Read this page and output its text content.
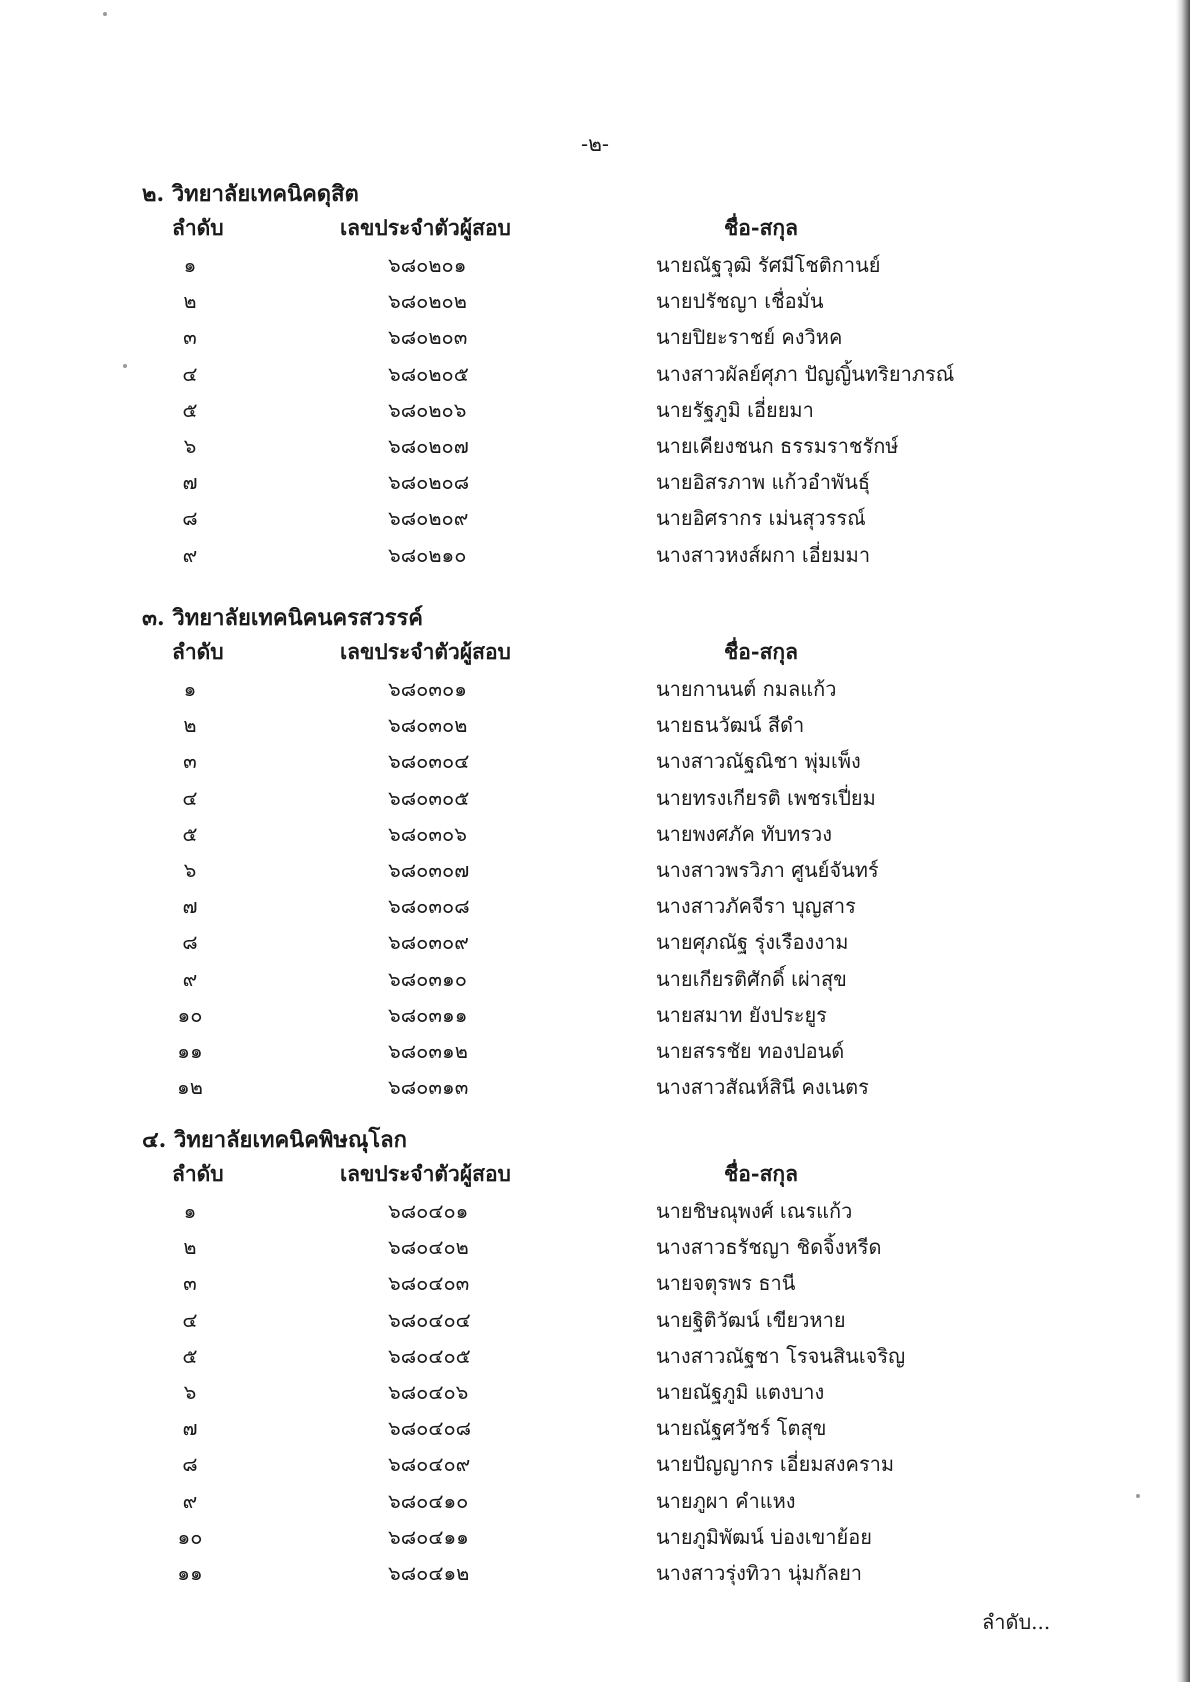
-๒-
๒. วิทยาลัยเทคนิคดุสิต
ลำดับ	เลขประจำตัวผู้สอบ	ชื่อ-สกุล
๑	๖๘๐๒๐๑	นายณัฐวุฒิ รัศมีโชติกานย์
๒	๖๘๐๒๐๒	นายปรัชญา เชื่อมั่น
๓	๖๘๐๒๐๓	นายปิยะราชย์ คงวิหค
๔	๖๘๐๒๐๕	นางสาวผัลย์ศุภา ปัญญิ้นทริยาภรณ์
๕	๖๘๐๒๐๖	นายรัฐภูมิ เอี่ยยมา
๖	๖๘๐๒๐๗	นายเคียงชนก ธรรมราชรักษ์
๗	๖๘๐๒๐๘	นายอิสรภาพ แก้วอำพันธุ์
๘	๖๘๐๒๐๙	นายอิศรากร เม่นสุวรรณ์
๙	๖๘๐๒๑๐	นางสาวหงส์ผกา เอี่ยมมา
๓. วิทยาลัยเทคนิคนครสวรรค์
ลำดับ	เลขประจำตัวผู้สอบ	ชื่อ-สกุล
๑	๖๘๐๓๐๑	นายกานนต์ กมลแก้ว
๒	๖๘๐๓๐๒	นายธนวัฒน์ สีดำ
๓	๖๘๐๓๐๔	นางสาวณัฐณิชา พุ่มเพ็ง
๔	๖๘๐๓๐๕	นายทรงเกียรติ เพชรเปี่ยม
๕	๖๘๐๓๐๖	นายพงศภัค ทับทรวง
๖	๖๘๐๓๐๗	นางสาวพรวิภา ศูนย์จันทร์
๗	๖๘๐๓๐๘	นางสาวภัคจีรา บุญสาร
๘	๖๘๐๓๐๙	นายศุภณัฐ รุ่งเรืองงาม
๙	๖๘๐๓๑๐	นายเกียรติศักดิ์ เผ่าสุข
๑๐	๖๘๐๓๑๑	นายสมาท ยังประยูร
๑๑	๖๘๐๓๑๒	นายสรรชัย ทองปอนด์
๑๒	๖๘๐๓๑๓	นางสาวสัณห์สินี คงเนตร
๔. วิทยาลัยเทคนิคพิษณุโลก
ลำดับ	เลขประจำตัวผู้สอบ	ชื่อ-สกุล
๑	๖๘๐๔๐๑	นายชิษณุพงศ์ เณรแก้ว
๒	๖๘๐๔๐๒	นางสาวธรัชญา ชิดจิ้งหรีด
๓	๖๘๐๔๐๓	นายจตุรพร ธานี
๔	๖๘๐๔๐๔	นายฐิติวัฒน์ เขียวหาย
๕	๖๘๐๔๐๕	นางสาวณัฐชา โรจนสินเจริญ
๖	๖๘๐๔๐๖	นายณัฐภูมิ แตงบาง
๗	๖๘๐๔๐๘	นายณัฐศวัชร์ โตสุข
๘	๖๘๐๔๐๙	นายปัญญากร เอี่ยมสงคราม
๙	๖๘๐๔๑๐	นายภูผา คำแหง
๑๐	๖๘๐๔๑๑	นายภูมิพัฒน์ บ่องเขาย้อย
๑๑	๖๘๐๔๑๒	นางสาวรุ่งทิวา นุ่มกัลยา
ลำดับ...
